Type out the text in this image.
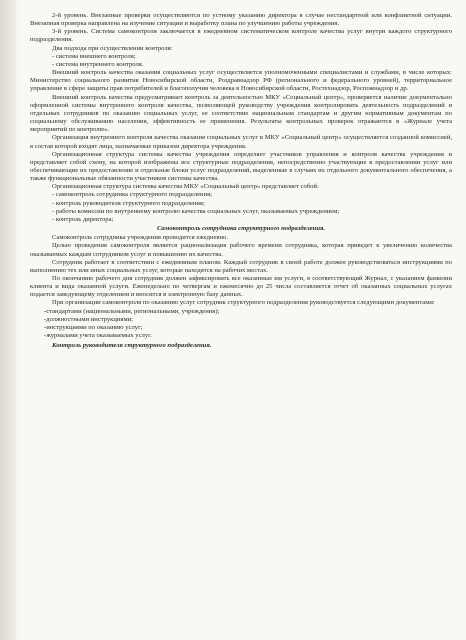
2-й уровень. Внезапные проверки осуществляются по устному указанию директора в случае нестандартной или конфликтной ситуации. Внезапная проверка направлена на изучение ситуации и выработку плана по улучшению работы учреждения.

3-й уровень. Система самоконтроля заключается в ежедневном систематическом контроле качества услуг внутри каждого структурного подразделения.

Два подхода при осуществлении контроля:

- система внешнего контроля;

- система внутреннего контроля.

Внешний контроль качества оказания социальных услуг осуществляется уполномоченными специалистами и службами, в числе которых: Министерство социального развития Новосибирской области, Роздравнадзор РФ (регионального и федерального уровней), территориальное управление в сфере защиты прав потребителей и благополучия человека в Новосибирской области, Ростехнадзор, Роспожнадзор и др.

Внешний контроль качества предусматривает контроль за деятельностью МКУ «Социальный центр», проверяется наличие документально оформленной системы внутреннего контроля качества, позволяющей руководству учреждения контролировать деятельность подразделений и отдельных сотрудников по оказанию социальных услуг, ее соответствие национальным стандартам и другим нормативным документам по социальному обслуживанию населения, эффективность ее применения. Результаты контрольных проверок отражаются в «Журнале учета мероприятий по контролю».

Организация внутреннего контроля качества оказания социальных услуг в МКУ «Социальный центр» осуществляется созданной комиссией, в состав которой входят лица, назначаемые приказом директора учреждения.

Организационная структура системы качества учреждения определяет участников управления и контроля качества учреждения и представляет собой схему, на которой изображены все структурные подразделения, непосредственно участвующие в предоставлении услуг или обеспечивающие их предоставление и отдельные блоки услуг подразделений, выделенные в случаях их отдельного документального обеспечения, а также функциональные обязанности участников системы качества.

Организационная структура системы качества МКУ «Социальный центр» представляет собой:

- самоконтроль сотрудника структурного подразделения;

- контроль руководителя структурного подразделения;

- работы комиссии по внутреннему контролю качества социальных услуг, оказываемых учреждением;

- контроль директора;

Самоконтроль сотрудника структурного подразделения.

Самоконтроль сотрудника учреждения проводится ежедневно.

Целью проведения самоконтроля является рационализация рабочего времени сотрудника, которая приведет к увеличению количества оказываемых каждым сотрудником услуг и повышению их качества.

Сотрудник работает в соответствии с ежедневным планом. Каждый сотрудник в своей работе должен руководствоваться инструкциями по выполнению тех или иных социальных услуг, которые находятся на рабочих местах.

По окончанию рабочего дня сотрудник должен зафиксировать все оказанные им услуги, в соответствующий Журнал, с указанием фамилии клиента и вида оказанной услуги. Еженедельно по четвергам и ежемесячно до 25 числа составляется отчет об оказанных социальных услугах подается заведующему отделением и вносится в электронную базу данных.

При организации самоконтроля по оказанию услуг сотрудник структурного подразделения руководствуется следующими документами:

-стандартами (национальными, региональными, учреждения);

-должностными инструкциями;

-инструкциями по оказанию услуг;

-журналами учета оказываемых услуг.

Контроль руководителя структурного подразделения.
